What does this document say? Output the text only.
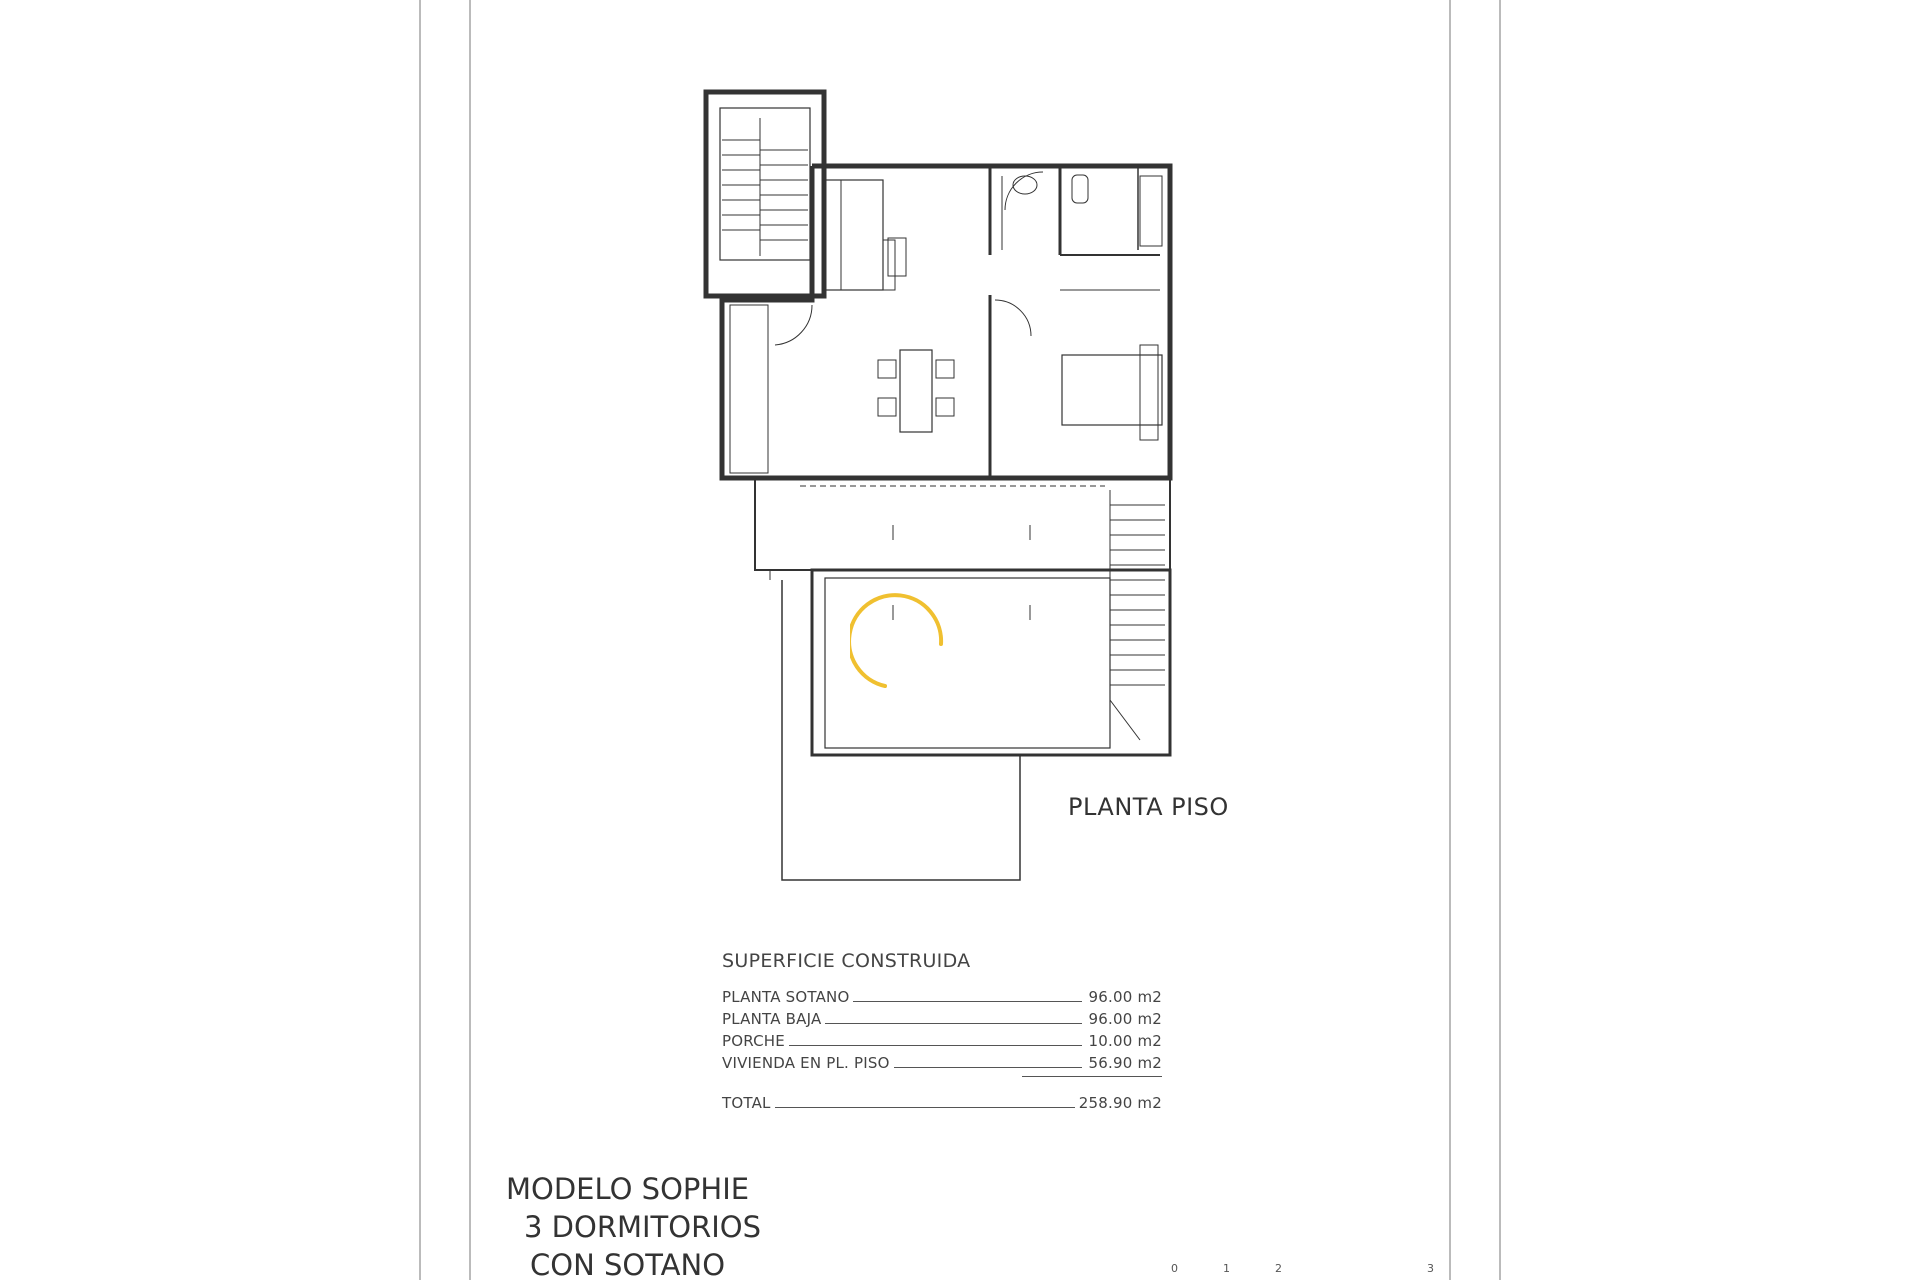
PLANTA PISO
SUPERFICIE CONSTRUIDA
PLANTA SOTANO	96.00 m2
PLANTA BAJA	96.00 m2
PORCHE	10.00 m2
VIVIENDA EN PL. PISO	56.90 m2
TOTAL	258.90 m2
MODELO SOPHIE
3 DORMITORIOS
CON SOTANO	0	1	2	3
